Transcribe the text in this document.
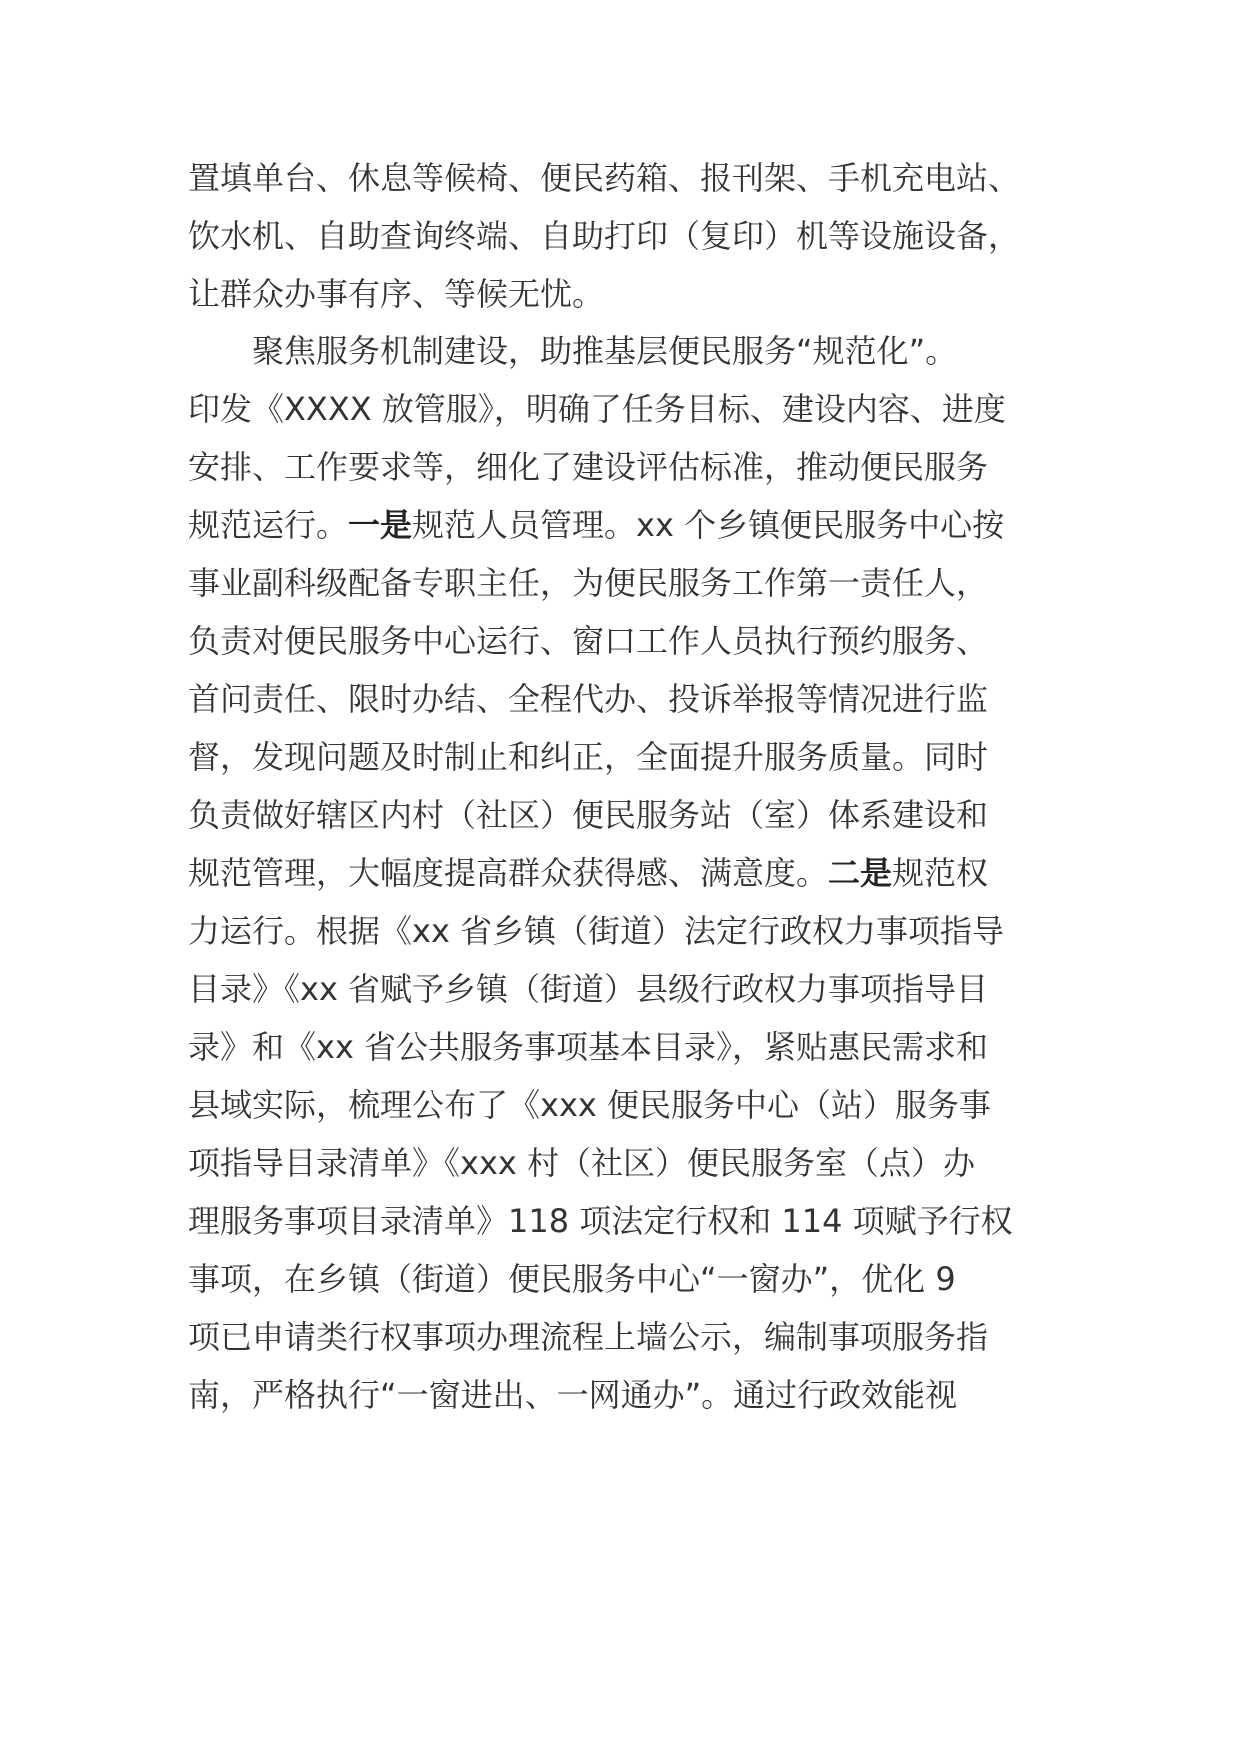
置填单台、休息等候椅、便民药箱、报刊架、手机充电站、
饮水机、自助查询终端、自助打印（复印）机等设施设备，
让群众办事有序、等候无忧。
　　聚焦服务机制建设，助推基层便民服务“规范化”。
印发《XXXX 放管服》，明确了任务目标、建设内容、进度
安排、工作要求等，细化了建设评估标准，推动便民服务
规范运行。一是规范人员管理。xx 个乡镇便民服务中心按
事业副科级配备专职主任，为便民服务工作第一责任人，
负责对便民服务中心运行、窗口工作人员执行预约服务、
首问责任、限时办结、全程代办、投诉举报等情况进行监
督，发现问题及时制止和纠正，全面提升服务质量。同时
负责做好辖区内村（社区）便民服务站（室）体系建设和
规范管理，大幅度提高群众获得感、满意度。二是规范权
力运行。根据《xx 省乡镇（街道）法定行政权力事项指导
目录》《xx 省赋予乡镇（街道）县级行政权力事项指导目
录》和《xx 省公共服务事项基本目录》，紧贴惠民需求和
县域实际，梳理公布了《xxx 便民服务中心（站）服务事
项指导目录清单》《xxx 村（社区）便民服务室（点）办
理服务事项目录清单》118 项法定行权和 114 项赋予行权
事项，在乡镇（街道）便民服务中心“一窗办”，优化 9
项已申请类行权事项办理流程上墙公示，编制事项服务指
南，严格执行“一窗进出、一网通办”。通过行政效能视
